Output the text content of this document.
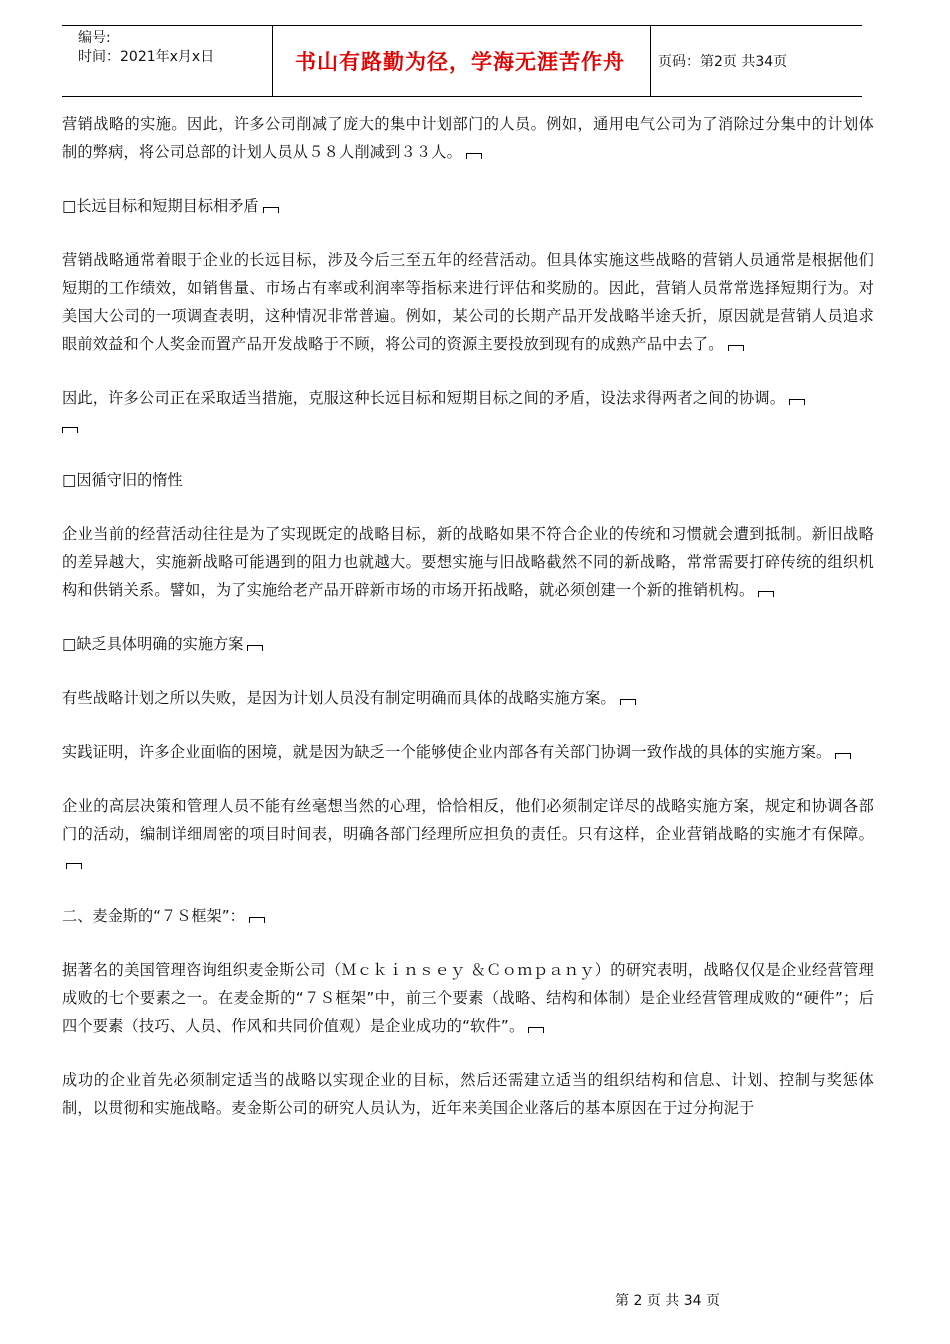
编号:
时间：2021年x月x日	书山有路勤为径，学海无涯苦作舟	页码：第2页 共34页
营销战略的实施。因此，许多公司削减了庞大的集中计划部门的人员。例如，通用电气公司为了消除过分集中的计划体制的弊病，将公司总部的计划人员从５８人削减到３３人。
□长远目标和短期目标相矛盾
营销战略通常着眼于企业的长远目标，涉及今后三至五年的经营活动。但具体实施这些战略的营销人员通常是根据他们短期的工作绩效，如销售量、市场占有率或利润率等指标来进行评估和奖励的。因此，营销人员常常选择短期行为。对美国大公司的一项调查表明，这种情况非常普遍。例如，某公司的长期产品开发战略半途夭折，原因就是营销人员追求眼前效益和个人奖金而置产品开发战略于不顾，将公司的资源主要投放到现有的成熟产品中去了。
因此，许多公司正在采取适当措施，克服这种长远目标和短期目标之间的矛盾，设法求得两者之间的协调。

□因循守旧的惰性
企业当前的经营活动往往是为了实现既定的战略目标，新的战略如果不符合企业的传统和习惯就会遭到抵制。新旧战略的差异越大，实施新战略可能遇到的阻力也就越大。要想实施与旧战略截然不同的新战略，常常需要打碎传统的组织机构和供销关系。譬如，为了实施给老产品开辟新市场的市场开拓战略，就必须创建一个新的推销机构。
□缺乏具体明确的实施方案
有些战略计划之所以失败，是因为计划人员没有制定明确而具体的战略实施方案。
实践证明，许多企业面临的困境，就是因为缺乏一个能够使企业内部各有关部门协调一致作战的具体的实施方案。
企业的高层决策和管理人员不能有丝毫想当然的心理，恰恰相反，他们必须制定详尽的战略实施方案，规定和协调各部门的活动，编制详细周密的项目时间表，明确各部门经理所应担负的责任。只有这样，企业营销战略的实施才有保障。
二、麦金斯的“７Ｓ框架”：
据著名的美国管理咨询组织麦金斯公司（Ｍｃｋｉｎｓｅｙ ＆Ｃｏｍｐａｎｙ）的研究表明，战略仅仅是企业经营管理成败的七个要素之一。在麦金斯的“７Ｓ框架”中，前三个要素（战略、结构和体制）是企业经营管理成败的“硬件”；后四个要素（技巧、人员、作风和共同价值观）是企业成功的“软件”。
成功的企业首先必须制定适当的战略以实现企业的目标，然后还需建立适当的组织结构和信息、计划、控制与奖惩体制，以贯彻和实施战略。麦金斯公司的研究人员认为，近年来美国企业落后的基本原因在于过分拘泥于
第 2 页 共 34 页
